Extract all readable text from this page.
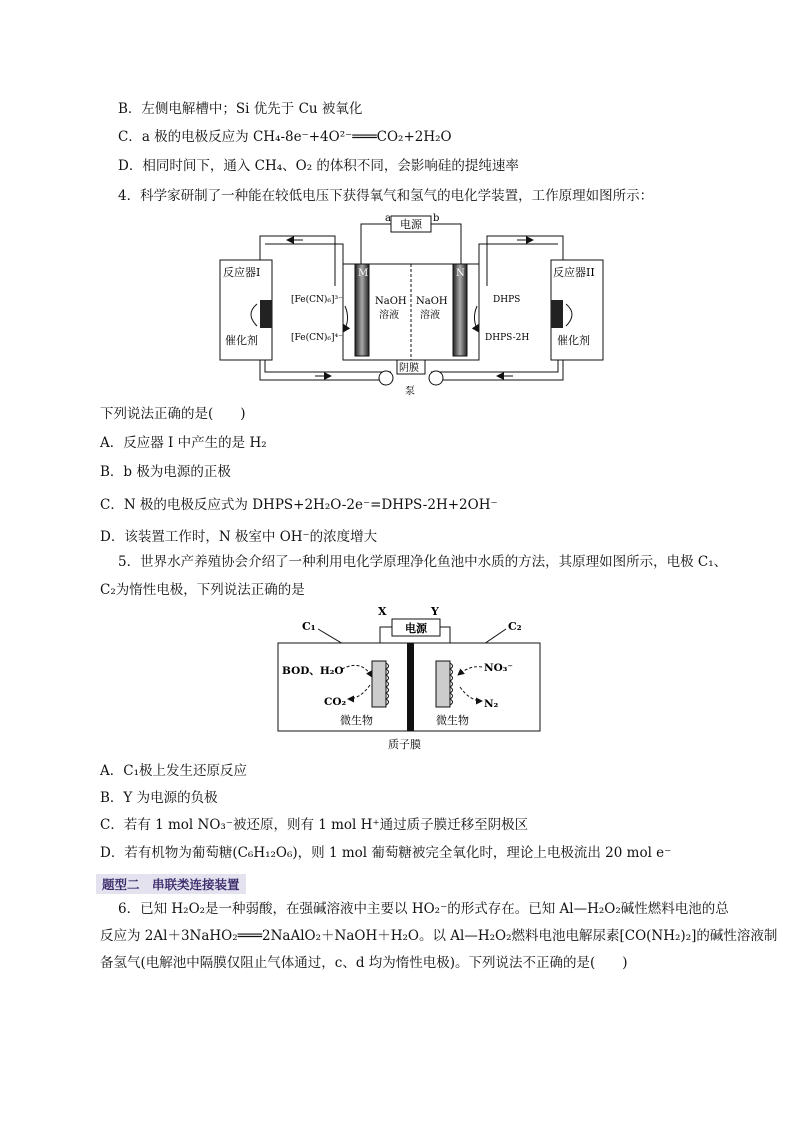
B．左侧电解槽中；Si 优先于 Cu 被氧化
C．a 极的电极反应为 CH₄-8e⁻+4O²⁻═══CO₂+2H₂O
D．相同时间下，通入 CH₄、O₂ 的体积不同，会影响硅的提纯速率
4．科学家研制了一种能在较低电压下获得氧气和氢气的电化学装置，工作原理如图所示：
电源
a	b
反应器I
催化剂
反应器II
催化剂
M	N
NaOH
溶液
NaOH
溶液
[Fe(CN)₆]³⁻
[Fe(CN)₆]⁴⁻
DHPS
DHPS-2H
阴膜
泵
下列说法正确的是(　　)
A．反应器 I 中产生的是 H₂
B．b 极为电源的正极
C．N 极的电极反应式为 DHPS+2H₂O-2e⁻=DHPS-2H+2OH⁻
D．该装置工作时，N 极室中 OH⁻的浓度增大
5．世界水产养殖协会介绍了一种利用电化学原理净化鱼池中水质的方法，其原理如图所示，电极 C₁、
C₂为惰性电极，下列说法正确的是
X	Y
电源
C₁	C₂
BOD、H₂O
CO₂
NO₃⁻
N₂
微生物	微生物
质子膜
A．C₁极上发生还原反应
B．Y 为电源的负极
C．若有 1 mol NO₃⁻被还原，则有 1 mol H⁺通过质子膜迁移至阴极区
D．若有机物为葡萄糖(C₆H₁₂O₆)，则 1 mol 葡萄糖被完全氧化时，理论上电极流出 20 mol e⁻
题型二　串联类连接装置
6．已知 H₂O₂是一种弱酸，在强碱溶液中主要以 HO₂⁻的形式存在。已知 Al—H₂O₂碱性燃料电池的总
反应为 2Al＋3NaHO₂═══2NaAlO₂＋NaOH＋H₂O。以 Al—H₂O₂燃料电池电解尿素[CO(NH₂)₂]的碱性溶液制
备氢气(电解池中隔膜仅阻止气体通过，c、d 均为惰性电极)。下列说法不正确的是(　　)
